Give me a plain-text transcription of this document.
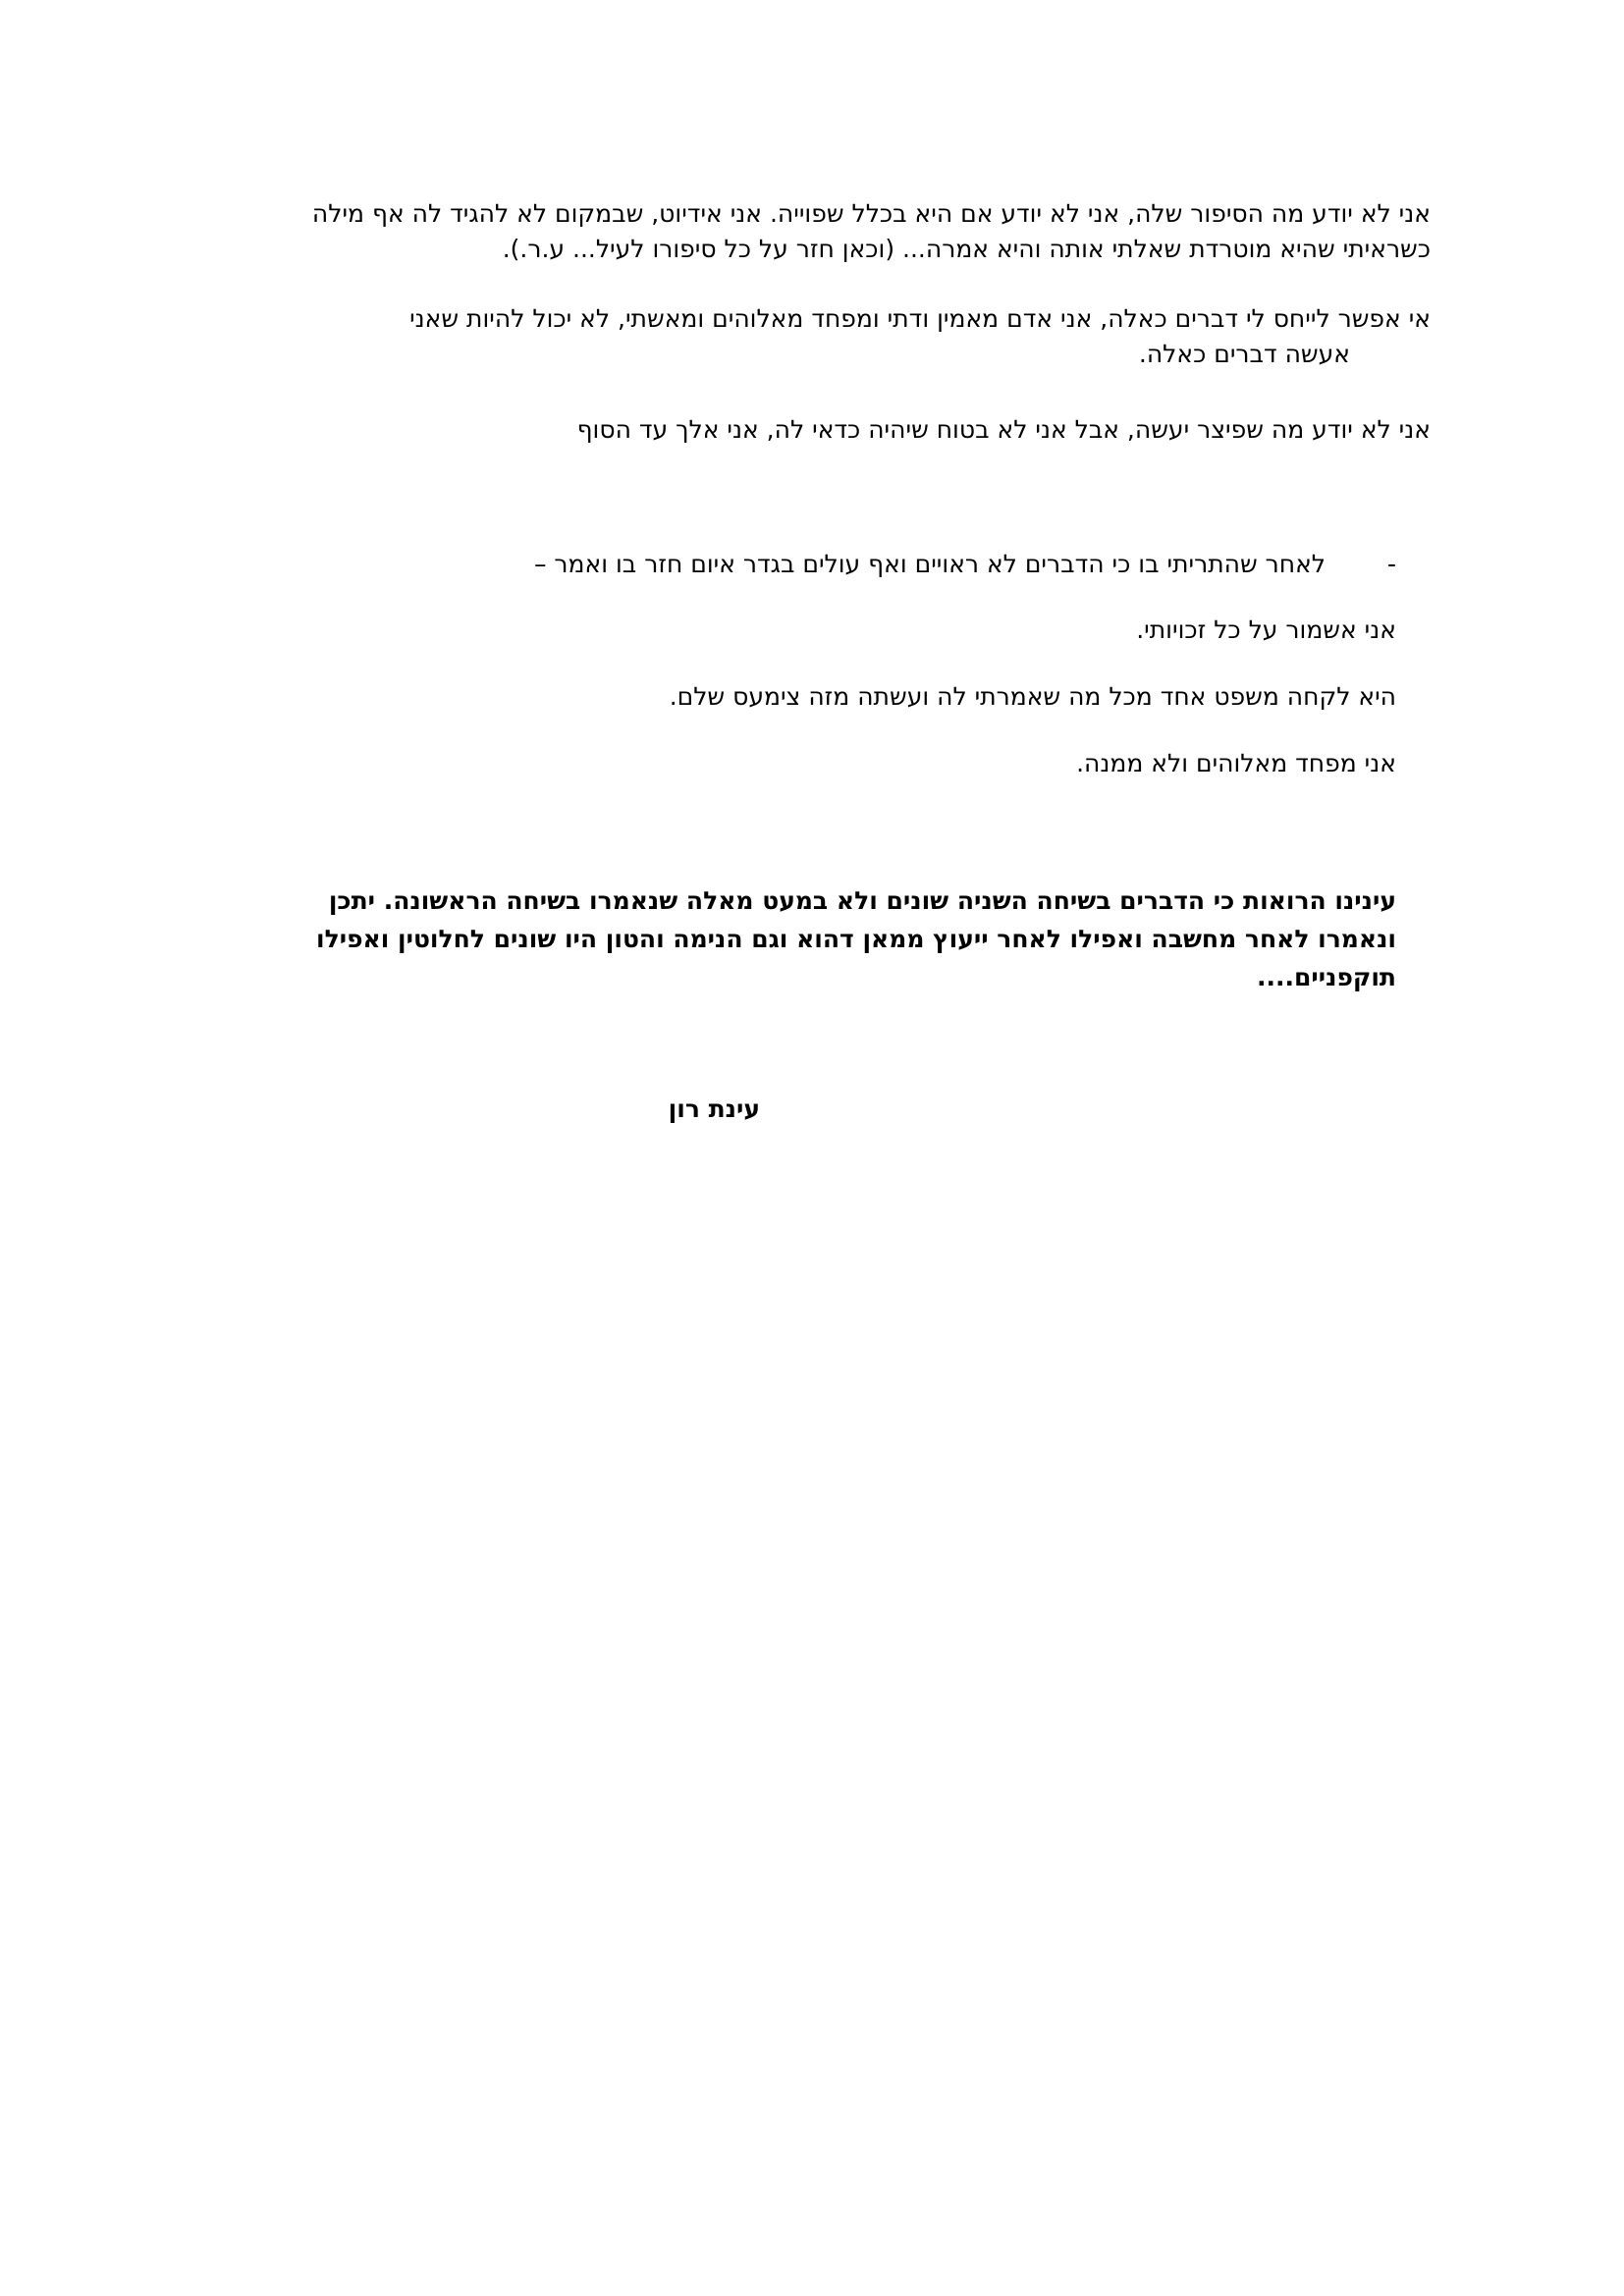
אני לא יודע מה הסיפור שלה, אני לא יודע אם היא בכלל שפוייה. אני אידיוט, שבמקום לא להגיד לה אף מילה כשראיתי שהיא מוטרדת שאלתי אותה והיא אמרה... (וכאן חזר על כל סיפורו לעיל... ע.ר.).

אי אפשר לייחס לי דברים כאלה, אני אדם מאמין ודתי ומפחד מאלוהים ומאשתי, לא יכול להיות שאני
אעשה דברים כאלה.

אני לא יודע מה שפיצר יעשה, אבל אני לא בטוח שיהיה כדאי לה, אני אלך עד הסוף

-לאחר שהתריתי בו כי הדברים לא ראויים ואף עולים בגדר איום חזר בו ואמר –

אני אשמור על כל זכויותי.

היא לקחה משפט אחד מכל מה שאמרתי לה ועשתה מזה צימעס שלם.

אני מפחד מאלוהים ולא ממנה.

עינינו הרואות כי הדברים בשיחה השניה שונים ולא במעט מאלה שנאמרו בשיחה הראשונה. יתכן ונאמרו לאחר מחשבה ואפילו לאחר ייעוץ ממאן דהוא וגם הנימה והטון היו שונים לחלוטין ואפילו תוקפניים....

עינת רון
